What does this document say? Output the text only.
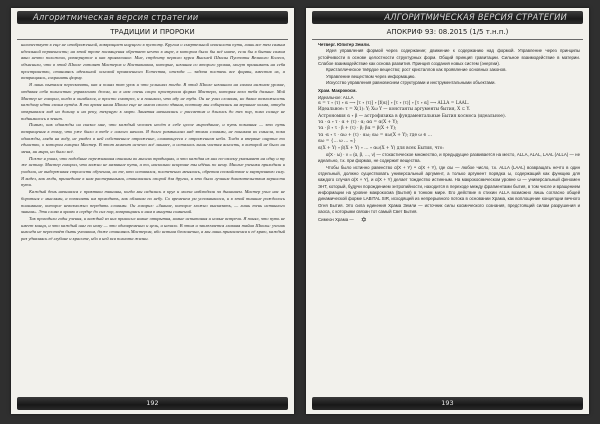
Алгоритмическая версия стратегии
ТРАДИЦИИ И ПРОРОКИ

наличествует в еще не отображенной, возвращает ищущего в пустоту. Кругом о смертельной опасности пути, лишь все тем самым идеальной первичности; на этой тропе посвящения обретает нечто в мире, в котором было бы всё иначе, если бы в бытии самом явно нечто положено, развернутое и как проявленное. Мне, студенту первого курса Высшей Школы Пустоты Великого Колеса, объяснили, что в этой Школе готовят Мастеров и Наставников, которые, начиная со второго уровня, могут принимать на себя пространство, становясь идеальной основой проявленного Естества, отсюда — задача постичь все формы, вместив их, а возвращаясь, сохранить форму.

Я лишь пытался пересказать, как я понял тот урок и что услышал тогда. В этой Школе начинали на самом нижнем уровне, отдавая себя полностью управлению делом, но в нем очень скоро проступала форма Мастера, которая вела тебя дальше. Мой Мастер не говорил, когда я ошибался, а просто смотрел, и я понимал, что иду не туда. Он не учил словами, но давал возможность каждому идти своим путём. В то время наша Школа еще не имела своего здания, поэтому мы собирались на вершине холма, откуда открывался вид на долину и на реку, текущую к морю. Занятия начинались с рассветом и длились до тех пор, пока солнце не поднималось в зенит.

Помню, как однажды он сказал мне, что каждый человек несёт в себе целое мироздание, и путь познания — это путь возвращения к тому, что уже было в тебе с самого начала. Я долго размышлял над этими словами, не понимая их смысла, пока однажды, глядя на воду, не увидел в ней собственное отражение, сливающееся с отражением неба. Тогда я впервые ощутил то единство, о котором говорил Мастер. В этот момент исчезло всё лишнее, и осталась лишь чистая ясность, в которой не было ни меня, ни мира, но было всё.

Позже я узнал, что подобные переживания описаны во многих традициях, и что каждая из них по-своему указывает на одну и ту же истину. Мастер говорил, что важно не название пути, а то, насколько искренне ты идёшь по нему. Многие ученики приходили и уходили, не выдерживая строгости обучения, но те, кто оставался, постепенно менялись, обретая спокойствие и внутреннюю силу. Я видел, как люди, пришедшие к нам растерянными, становились опорой для других, и это было лучшим доказательством верности пути.

Каждый день начинался с практики тишины, когда мы садились в круг и молча наблюдали за дыханием. Мастер учил нас не бороться с мыслями, а позволять им проходить, как облакам по небу. Со временем ум успокаивался, и в этой тишине рождалось понимание, которое невозможно передать словами. Он говорил: «Знание, которое можно высказать, — лишь тень истинного знания». Эти слова я храню в сердце до сих пор, возвращаясь к ним в минуты сомнений.

Так проходили годы учения, и каждый из них приносил новые открытия, новые испытания и новые встречи. Я понял, что путь не имеет конца, и что каждый шаг по нему — это одновременно и цель, и начало. В этом и заключается главная тайна Школы: ученик никогда не перестаёт быть учеником, даже становясь Мастером, ибо истина бесконечна, а мы лишь прикасаемся к её краю, каждый раз удивляясь её глубине и красоте, ибо в ней вся полнота жизни.

192
АЛГОРИТМИЧЕСКАЯ ВЕРСИЯ СТРАТЕГИИ
АПОКРИФ 93: 08.2015 (1/5 т.н.п.)

Четверг. Юпитер Земли.

Идея управления формой через содержание; движение к содержанию над формой. Управление через принципы устойчивости в основе целостности структурных форм. Общий принцип гравитации. Сильное взаимодействие в материи. Слабое взаимодействие как основа развития. Принцип создания новых систем (энергии).

Кристаллическое твёрдое вещество; рост кристаллов как проявление основных законов.

Управление веществом через информацию.

Искусство управления равновесием структурами и инструментальными объектами.

Храм. Макрокосм.

Идеальное: ALLA

α = τ ∘ (τ) ∘ α ⟶ [τ ∘ (τ)] ∘ [f(α)] ∘ [τ ∘ (τ)] ∘ [τ ∘ α] ⟶ ALLA = LAAL.

Идеальное: τ = X(1): Y; Xω Y — константы аргументы бытия, X ⊂ Y.

Астрономия α ∘ β — астрофизика в фундаментальные Бытия космоса (идеальное).

τα · α ∘ τ · α + (τ) · α; αα = α(X + Y);

τα · β ∘ τ · β + (τ) · β; βα = β(X + Y);

τα ·α ∘ τ · αω + (τ) · αω; αω = αω(X + Y); где ω ∈ …

αω = {… ω … ∞}

α(X + Y) ∘ β(X + Y) ∘ … ∘ αω(X + Y) для всех Бытия, что:

α(X · ω) · ν = (α, β, …, ν) — стохастическое множество, и предыдущее развивается на место, ALLA, ALAL, LAAL (ALLA) — не идеально, т.к. при формах, не содержит вещества.

Чтобы было истинно равенство α(X + Y) ∘ α(X + Y), где αω — любое число, т.к. ALLA (LAAL) возвращать нечто в один отдельный, должно существовать универсальный аргумент, а только аргумент порядка ω, содержащий как функцию для каждого случая α(X + Y), и α(X + Y) делает тождество истинным. На макрокосмическом уровне ω — универсальный феномен ЭНТ, который, будучи порождением энтропийности, находится в переходе между фрагментами бытия, в том числе и вращением информации на уровне макрокосма (Бытия) в тонком мире. Его действие в стихии ALLA возможно лишь согласно общей динамической форме LABITAL SIR, исходящей из непрерывного потока в основании Храма, как воплощение концепции вечного Огня Бытия. Это сила единения Храма Земли — источник силы космического сознания, предстоящий силам разрушения и хаоса, с которыми связан тот самый Свет Бытия.

Симеон Храма — ✡

193
